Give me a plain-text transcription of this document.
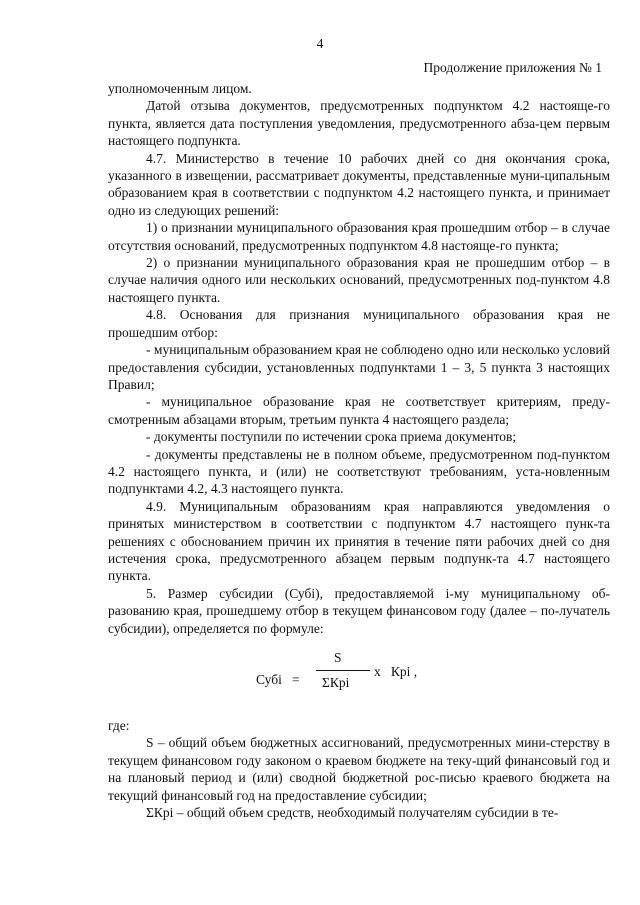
4
Продолжение приложения № 1

уполномоченным лицом.

Датой отзыва документов, предусмотренных подпунктом 4.2 настояще-го пункта, является дата поступления уведомления, предусмотренного абза-цем первым настоящего подпункта.

4.7. Министерство в течение 10 рабочих дней со дня окончания срока, указанного в извещении, рассматривает документы, представленные муни-ципальным образованием края в соответствии с подпунктом 4.2 настоящего пункта, и принимает одно из следующих решений:

1) о признании муниципального образования края прошедшим отбор – в случае отсутствия оснований, предусмотренных подпунктом 4.8 настояще-го пункта;

2) о признании муниципального образования края не прошедшим отбор – в случае наличия одного или нескольких оснований, предусмотренных под-пунктом 4.8 настоящего пункта.

4.8. Основания для признания муниципального образования края не прошедшим отбор:

- муниципальным образованием края не соблюдено одно или несколько условий предоставления субсидии, установленных подпунктами 1 – 3, 5 пункта 3 настоящих Правил;

- муниципальное образование края не соответствует критериям, преду-смотренным абзацами вторым, третьим пункта 4 настоящего раздела;

- документы поступили по истечении срока приема документов;

- документы представлены не в полном объеме, предусмотренном под-пунктом 4.2 настоящего пункта, и (или) не соответствуют требованиям, уста-новленным подпунктами 4.2, 4.3 настоящего пункта.

4.9. Муниципальным образованиям края направляются уведомления о принятых министерством в соответствии с подпунктом 4.7 настоящего пунк-та решениях с обоснованием причин их принятия в течение пяти рабочих дней со дня истечения срока, предусмотренного абзацем первым подпунк-та 4.7 настоящего пункта.

5. Размер субсидии (Субi), предоставляемой i-му муниципальному об-разованию края, прошедшему отбор в текущем финансовом году (далее – по-лучатель субсидии), определяется по формуле:

Субi =
S
ΣКрi
х Крi ,

где:

S – общий объем бюджетных ассигнований, предусмотренных мини-стерству в текущем финансовом году законом о краевом бюджете на теку-щий финансовый год и на плановый период и (или) сводной бюджетной рос-писью краевого бюджета на текущий финансовый год на предоставление субсидии;

ΣКрi – общий объем средств, необходимый получателям субсидии в те-
